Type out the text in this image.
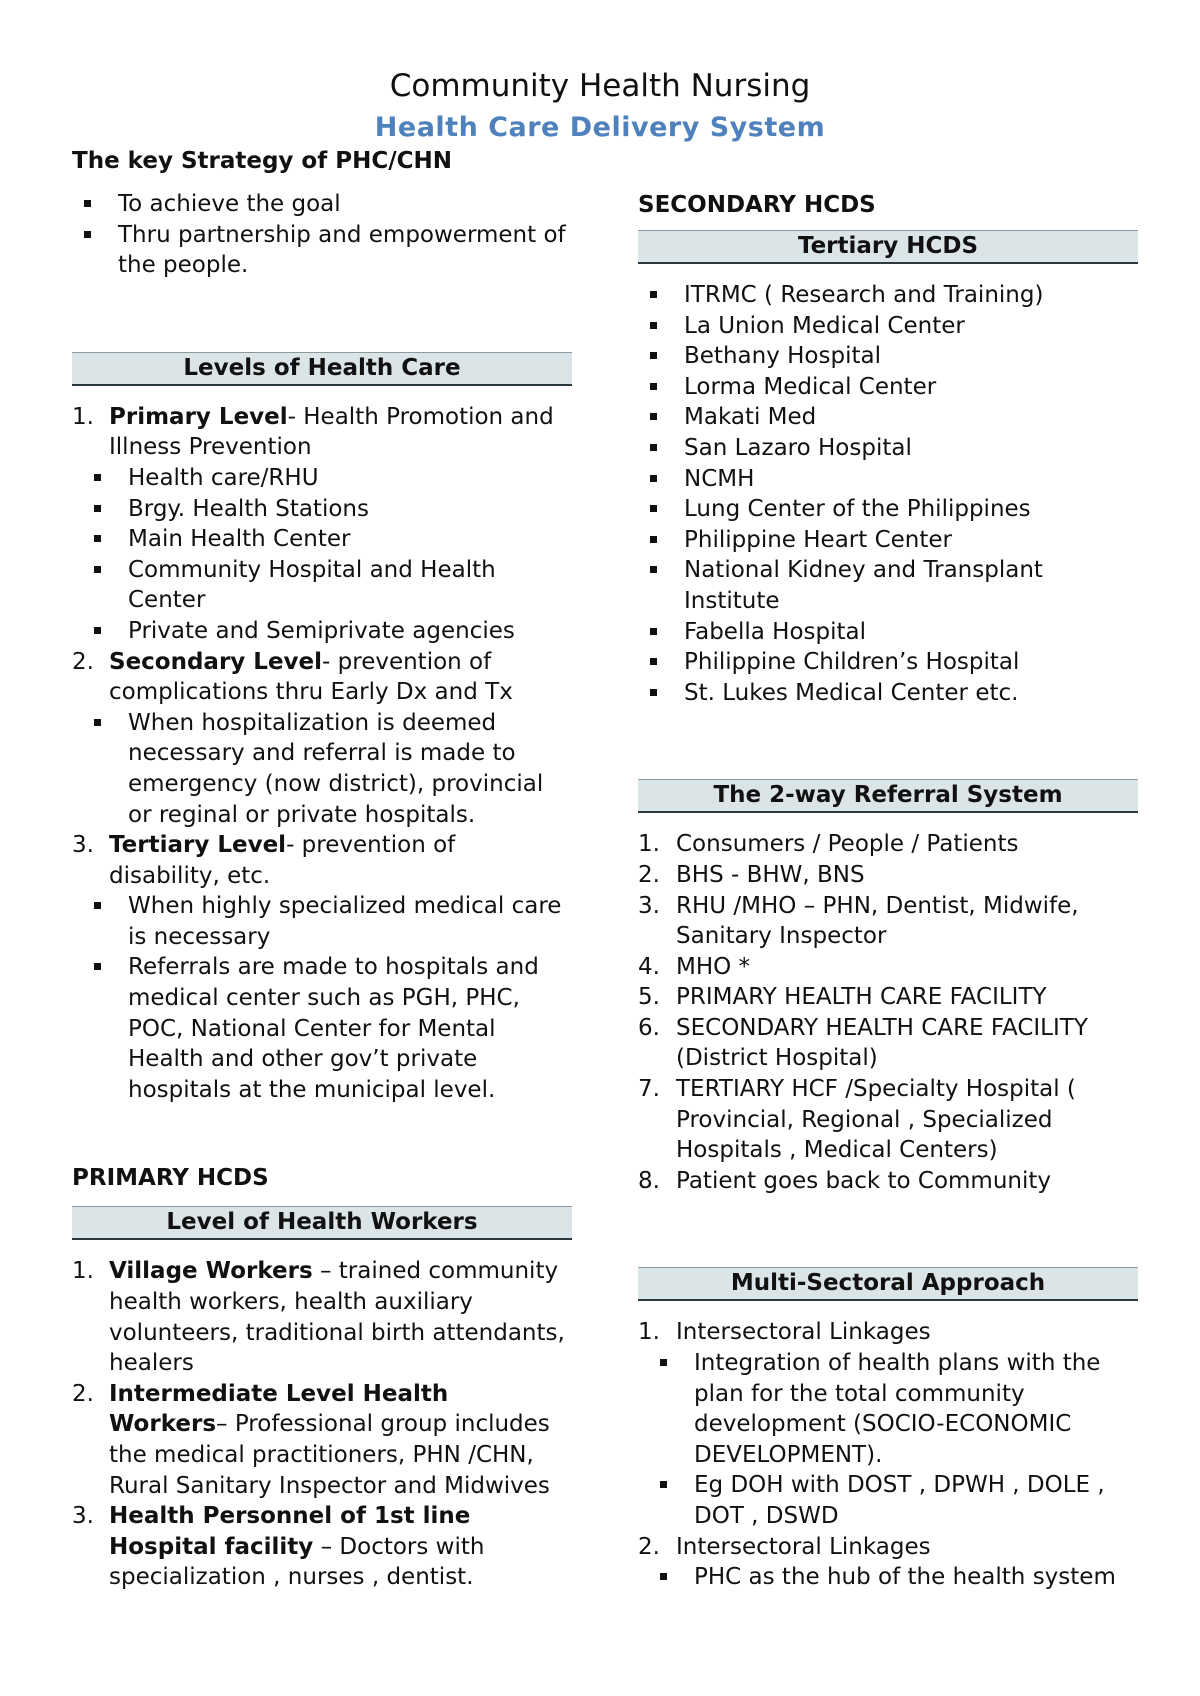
Community Health Nursing
Health Care Delivery System

The key Strategy of PHC/CHN

To achieve the goal
Thru partnership and empowerment of the people.
Levels of Health Care
1. Primary Level- Health Promotion and Illness Prevention
Health care/RHU
Brgy. Health Stations
Main Health Center
Community Hospital and Health Center
Private and Semiprivate agencies
2. Secondary Level- prevention of complications thru Early Dx and Tx
When hospitalization is deemed necessary and referral is made to emergency (now district), provincial or reginal or private hospitals.
3. Tertiary Level- prevention of disability, etc.
When highly specialized medical care is necessary
Referrals are made to hospitals and medical center such as PGH, PHC, POC, National Center for Mental Health and other gov’t private hospitals at the municipal level.

PRIMARY HCDS

Level of Health Workers
1. Village Workers – trained community health workers, health auxiliary volunteers, traditional birth attendants, healers
2. Intermediate Level Health Workers– Professional group includes the medical practitioners, PHN /CHN, Rural Sanitary Inspector and Midwives
3. Health Personnel of 1st line Hospital facility – Doctors with specialization , nurses , dentist.

SECONDARY HCDS

Tertiary HCDS
ITRMC ( Research and Training)
La Union Medical Center
Bethany Hospital
Lorma Medical Center
Makati Med
San Lazaro Hospital
NCMH
Lung Center of the Philippines
Philippine Heart Center
National Kidney and Transplant Institute
Fabella Hospital
Philippine Children’s Hospital
St. Lukes Medical Center etc.
The 2-way Referral System
1. Consumers / People / Patients
2. BHS - BHW, BNS
3. RHU /MHO – PHN, Dentist, Midwife, Sanitary Inspector
4. MHO *
5. PRIMARY HEALTH CARE FACILITY
6. SECONDARY HEALTH CARE FACILITY (District Hospital)
7. TERTIARY HCF /Specialty Hospital ( Provincial, Regional , Specialized Hospitals , Medical Centers)
8. Patient goes back to Community
Multi-Sectoral Approach
1. Intersectoral Linkages
Integration of health plans with the plan for the total community development (SOCIO-ECONOMIC DEVELOPMENT).
Eg DOH with DOST , DPWH , DOLE , DOT , DSWD
2. Intersectoral Linkages
PHC as the hub of the health system
